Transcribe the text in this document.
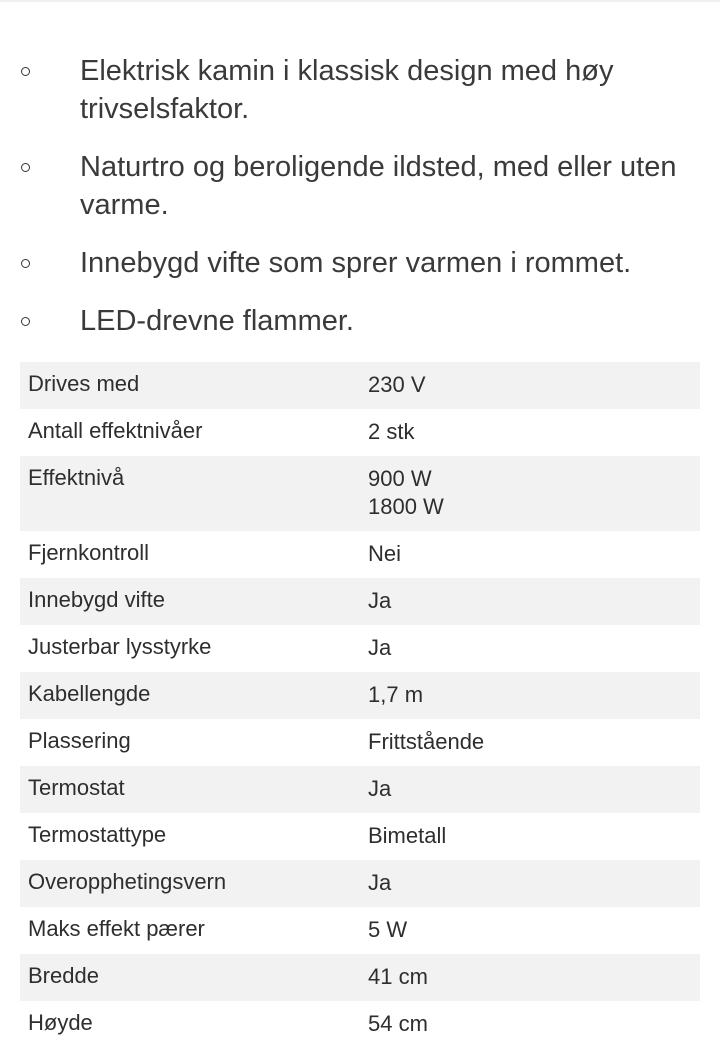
Elektrisk kamin i klassisk design med høy trivselsfaktor.
Naturtro og beroligende ildsted, med eller uten varme.
Innebygd vifte som sprer varmen i rommet.
LED-drevne flammer.
Drives med	230 V

Antall effektnivåer	2 stk

Effektnivå	900 W
1800 W

Fjernkontroll	Nei

Innebygd vifte	Ja

Justerbar lysstyrke	Ja

Kabellengde	1,7 m

Plassering	Frittstående

Termostat	Ja

Termostattype	Bimetall

Overopphetingsvern	Ja

Maks effekt pærer	5 W

Bredde	41 cm

Høyde	54 cm
